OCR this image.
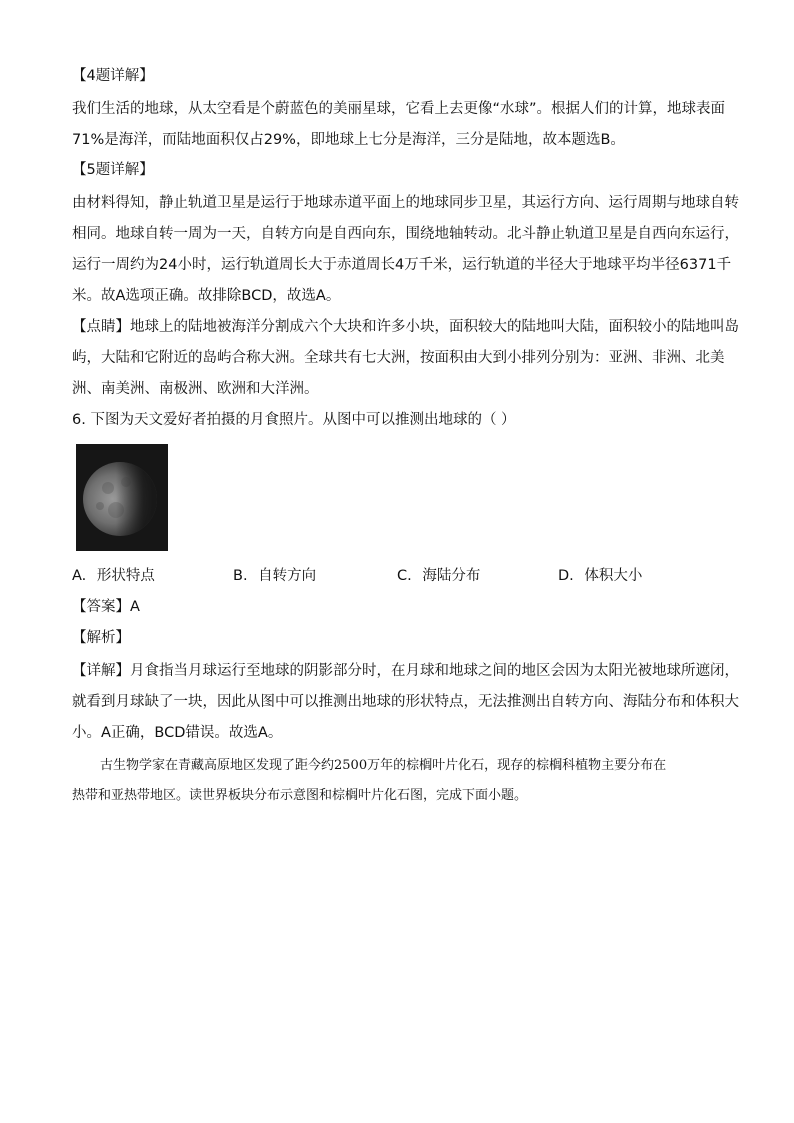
【4题详解】
我们生活的地球，从太空看是个蔚蓝色的美丽星球，它看上去更像“水球”。根据人们的计算，地球表面
71%是海洋，而陆地面积仅占29%，即地球上七分是海洋，三分是陆地，故本题选B。
【5题详解】
由材料得知，静止轨道卫星是运行于地球赤道平面上的地球同步卫星，其运行方向、运行周期与地球自转
相同。地球自转一周为一天，自转方向是自西向东，围绕地轴转动。北斗静止轨道卫星是自西向东运行，
运行一周约为24小时，运行轨道周长大于赤道周长4万千米，运行轨道的半径大于地球平均半径6371千
米。故A选项正确。故排除BCD，故选A。
【点睛】地球上的陆地被海洋分割成六个大块和许多小块，面积较大的陆地叫大陆，面积较小的陆地叫岛
屿，大陆和它附近的岛屿合称大洲。全球共有七大洲，按面积由大到小排列分别为：亚洲、非洲、北美
洲、南美洲、南极洲、欧洲和大洋洲。
6. 下图为天文爱好者拍摄的月食照片。从图中可以推测出地球的（ ）
A. 形状特点	B. 自转方向	C. 海陆分布	D. 体积大小
【答案】A
【解析】
【详解】月食指当月球运行至地球的阴影部分时，在月球和地球之间的地区会因为太阳光被地球所遮闭，
就看到月球缺了一块，因此从图中可以推测出地球的形状特点，无法推测出自转方向、海陆分布和体积大
小。A正确，BCD错误。故选A。
古生物学家在青藏高原地区发现了距今约2500万年的棕榈叶片化石，现存的棕榈科植物主要分布在
热带和亚热带地区。读世界板块分布示意图和棕榈叶片化石图，完成下面小题。
